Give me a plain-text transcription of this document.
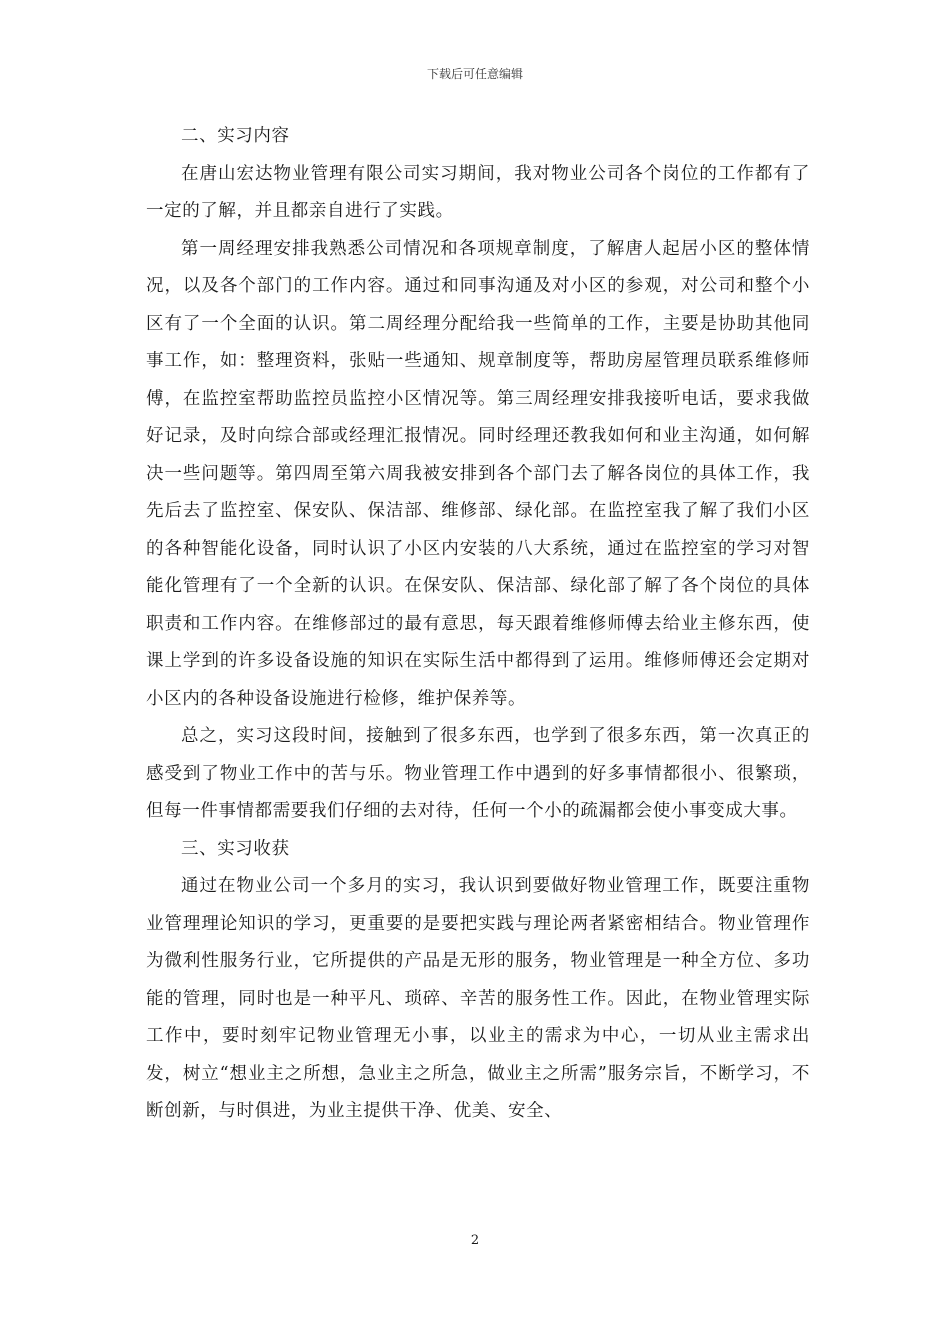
下载后可任意编辑

二、实习内容

在唐山宏达物业管理有限公司实习期间，我对物业公司各个岗位的工作都有了一定的了解，并且都亲自进行了实践。

第一周经理安排我熟悉公司情况和各项规章制度，了解唐人起居小区的整体情况，以及各个部门的工作内容。通过和同事沟通及对小区的参观，对公司和整个小区有了一个全面的认识。第二周经理分配给我一些简单的工作，主要是协助其他同事工作，如：整理资料，张贴一些通知、规章制度等，帮助房屋管理员联系维修师傅，在监控室帮助监控员监控小区情况等。第三周经理安排我接听电话，要求我做好记录，及时向综合部或经理汇报情况。同时经理还教我如何和业主沟通，如何解决一些问题等。第四周至第六周我被安排到各个部门去了解各岗位的具体工作，我先后去了监控室、保安队、保洁部、维修部、绿化部。在监控室我了解了我们小区的各种智能化设备，同时认识了小区内安装的八大系统，通过在监控室的学习对智能化管理有了一个全新的认识。在保安队、保洁部、绿化部了解了各个岗位的具体职责和工作内容。在维修部过的最有意思，每天跟着维修师傅去给业主修东西，使课上学到的许多设备设施的知识在实际生活中都得到了运用。维修师傅还会定期对小区内的各种设备设施进行检修，维护保养等。

总之，实习这段时间，接触到了很多东西，也学到了很多东西，第一次真正的感受到了物业工作中的苦与乐。物业管理工作中遇到的好多事情都很小、很繁琐，但每一件事情都需要我们仔细的去对待，任何一个小的疏漏都会使小事变成大事。

三、实习收获

通过在物业公司一个多月的实习，我认识到要做好物业管理工作，既要注重物业管理理论知识的学习，更重要的是要把实践与理论两者紧密相结合。物业管理作为微利性服务行业，它所提供的产品是无形的服务，物业管理是一种全方位、多功能的管理，同时也是一种平凡、琐碎、辛苦的服务性工作。因此，在物业管理实际工作中，要时刻牢记物业管理无小事，以业主的需求为中心，一切从业主需求出发，树立“想业主之所想，急业主之所急，做业主之所需”服务宗旨，不断学习，不断创新，与时俱进，为业主提供干净、优美、安全、

2
